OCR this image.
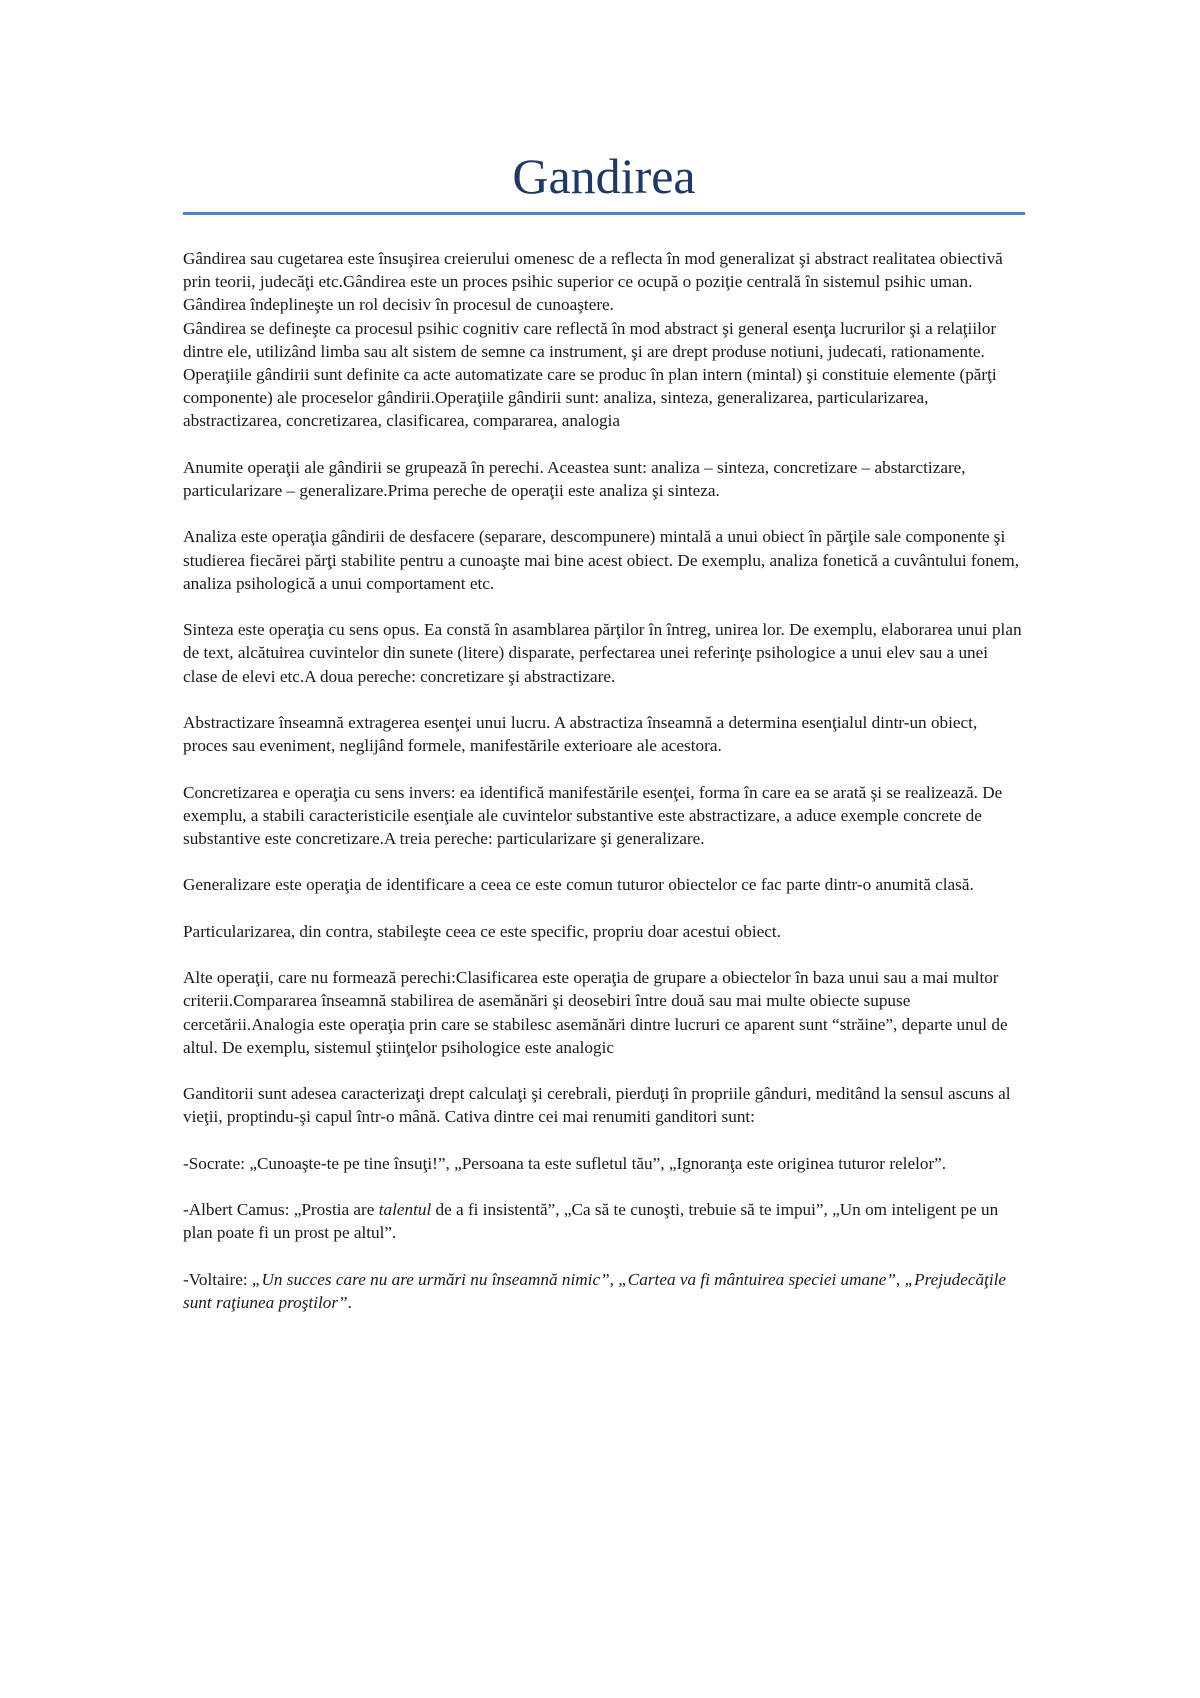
Gandirea

Gândirea sau cugetarea este însuşirea creierului omenesc de a reflecta în mod generalizat şi abstract realitatea obiectivă prin teorii, judecăţi etc.Gândirea este un proces psihic superior ce ocupă o poziţie centrală în sistemul psihic uman. Gândirea îndeplineşte un rol decisiv în procesul de cunoaştere.

Gândirea se defineşte ca procesul psihic cognitiv care reflectă în mod abstract şi general esenţa lucrurilor şi a relaţiilor dintre ele, utilizând limba sau alt sistem de semne ca instrument, şi are drept produse notiuni, judecati, rationamente.

Operaţiile gândirii sunt definite ca acte automatizate care se produc în plan intern (mintal) şi constituie elemente (părţi componente) ale proceselor gândirii.Operaţiile gândirii sunt: analiza, sinteza, generalizarea, particularizarea, abstractizarea, concretizarea, clasificarea, compararea, analogia

Anumite operaţii ale gândirii se grupează în perechi. Aceastea sunt: analiza – sinteza, concretizare – abstarctizare, particularizare – generalizare.Prima pereche de operaţii este analiza şi sinteza.

Analiza este operaţia gândirii de desfacere (separare, descompunere) mintală a unui obiect în părţile sale componente şi studierea fiecărei părţi stabilite pentru a cunoaşte mai bine acest obiect. De exemplu, analiza fonetică a cuvântului fonem, analiza psihologică a unui comportament etc.

Sinteza este operaţia cu sens opus. Ea constă în asamblarea părţilor în întreg, unirea lor. De exemplu, elaborarea unui plan de text, alcătuirea cuvintelor din sunete (litere) disparate, perfectarea unei referinţe psihologice a unui elev sau a unei clase de elevi etc.A doua pereche: concretizare şi abstractizare.

Abstractizare înseamnă extragerea esenţei unui lucru. A abstractiza înseamnă a determina esenţialul dintr-un obiect, proces sau eveniment, neglijând formele, manifestările exterioare ale acestora.

Concretizarea e operaţia cu sens invers: ea identifică manifestările esenţei, forma în care ea se arată şi se realizează. De exemplu, a stabili caracteristicile esenţiale ale cuvintelor substantive este abstractizare, a aduce exemple concrete de substantive este concretizare.A treia pereche: particularizare şi generalizare.

Generalizare este operaţia de identificare a ceea ce este comun tuturor obiectelor ce fac parte dintr-o anumită clasă.

Particularizarea, din contra, stabileşte ceea ce este specific, propriu doar acestui obiect.

Alte operaţii, care nu formează perechi:Clasificarea este operaţia de grupare a obiectelor în baza unui sau a mai multor criterii.Compararea înseamnă stabilirea de asemănări şi deosebiri între două sau mai multe obiecte supuse cercetării.Analogia este operaţia prin care se stabilesc asemănări dintre lucruri ce aparent sunt “străine”, departe unul de altul. De exemplu, sistemul ştiinţelor psihologice este analogic

Ganditorii sunt adesea caracterizaţi drept calculaţi şi cerebrali, pierduţi în propriile gânduri, meditând la sensul ascuns al vieţii, proptindu-şi capul într-o mână. Cativa dintre cei mai renumiti ganditori sunt:

-Socrate: „Cunoaşte-te pe tine însuţi!”, „Persoana ta este sufletul tău”, „Ignoranţa este originea tuturor relelor”.

-Albert Camus: „Prostia are talentul de a fi insistentă”, „Ca să te cunoşti, trebuie să te impui”, „Un om inteligent pe un plan poate fi un prost pe altul”.

-Voltaire: „Un succes care nu are urmări nu înseamnă nimic”, „Cartea va fi mântuirea speciei umane”, „Prejudecăţile sunt raţiunea proştilor”.
